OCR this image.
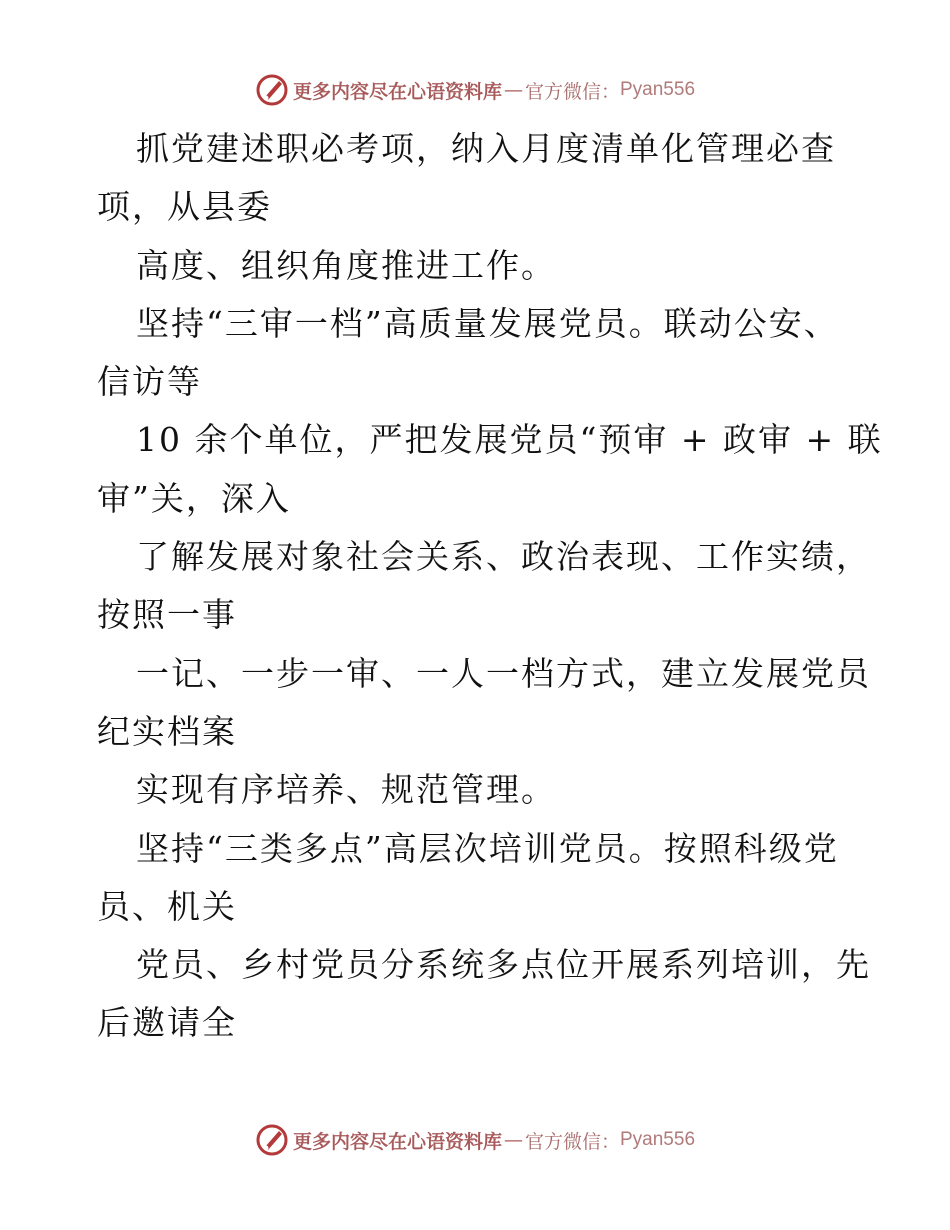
更多内容尽在心语资料库 — 官方微信： Pyan556
抓党建述职必考项，纳入月度清单化管理必查
项，从县委
高度、组织角度推进工作。
坚持“三审一档”高质量发展党员。联动公安、
信访等
10 余个单位，严把发展党员“预审 + 政审 + 联
审”关，深入
了解发展对象社会关系、政治表现、工作实绩，
按照一事
一记、一步一审、一人一档方式，建立发展党员
纪实档案
实现有序培养、规范管理。
坚持“三类多点”高层次培训党员。按照科级党
员、机关
党员、乡村党员分系统多点位开展系列培训，先
后邀请全
更多内容尽在心语资料库 — 官方微信： Pyan556
